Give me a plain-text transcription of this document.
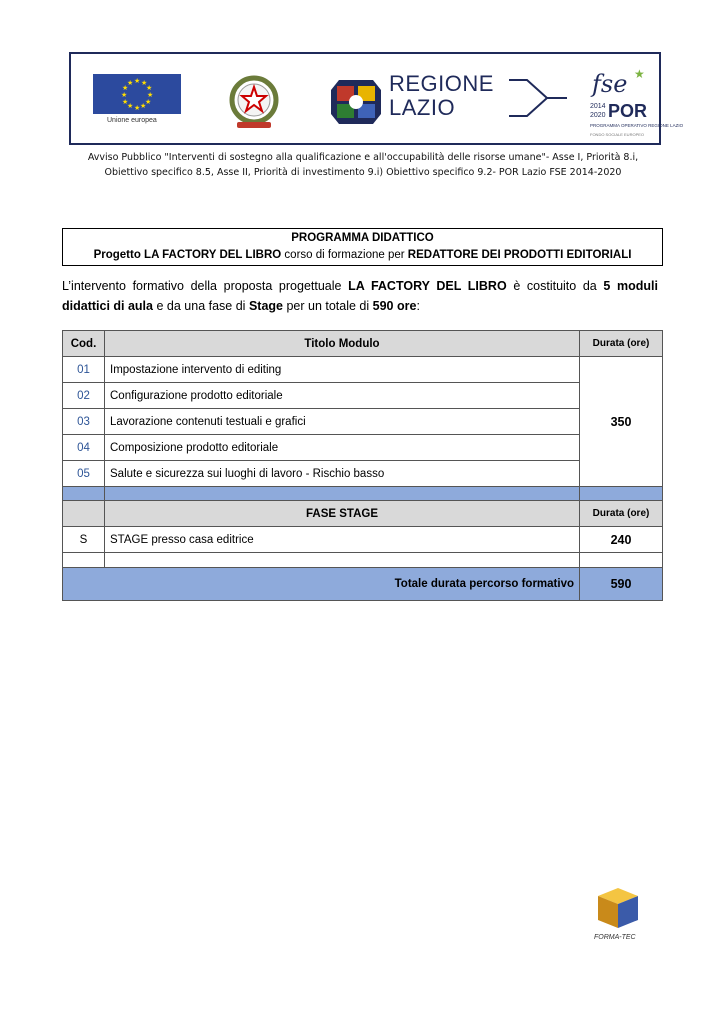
★ ★
★
★
★
★
★
★
★
★
★
★
Unione europea
REGIONE
LAZIO
fse ★
2014
2020 POR
PROGRAMMA OPERATIVO REGIONE LAZIO
FONDO SOCIALE EUROPEO
Avviso Pubblico "Interventi di sostegno alla qualificazione e all'occupabilità delle risorse umane"- Asse I, Priorità 8.i,
Obiettivo specifico 8.5, Asse II, Priorità di investimento 9.i) Obiettivo specifico 9.2- POR Lazio FSE 2014-2020
PROGRAMMA DIDATTICO
Progetto LA FACTORY DEL LIBRO corso di formazione per REDATTORE DEI PRODOTTI EDITORIALI
L’intervento formativo della proposta progettuale LA FACTORY DEL LIBRO è costituito da 5 moduli didattici di aula e da una fase di Stage per un totale di 590 ore:
Cod.	Titolo Modulo	Durata (ore)
01	Impostazione intervento di editing	350
02	Configurazione prodotto editoriale	
03	Lavorazione contenuti testuali e grafici	
04	Composizione prodotto editoriale	
05	Salute e sicurezza sui luoghi di lavoro - Rischio basso	

	FASE STAGE	Durata (ore)
S	STAGE presso casa editrice	240

Totale durata percorso formativo		590
FORMA-TEC
